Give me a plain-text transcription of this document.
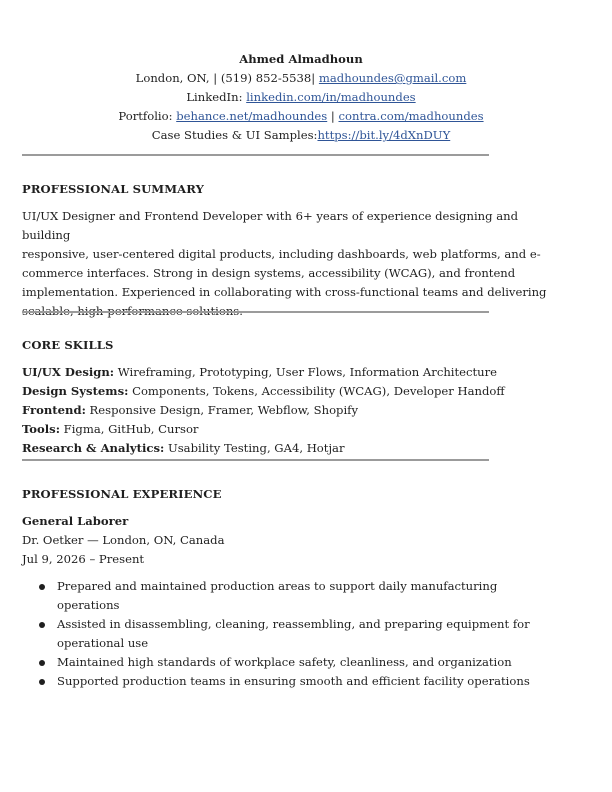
Ahmed Almadhoun
London, ON, | (519) 852-5538| madhoundes@gmail.com
LinkedIn: linkedin.com/in/madhoundes
Portfolio: behance.net/madhoundes | contra.com/madhoundes
Case Studies & UI Samples:https://bit.ly/4dXnDUY
PROFESSIONAL SUMMARY
UI/UX Designer and Frontend Developer with 6+ years of experience designing and building
responsive, user-centered digital products, including dashboards, web platforms, and e-
commerce interfaces. Strong in design systems, accessibility (WCAG), and frontend
implementation. Experienced in collaborating with cross-functional teams and delivering
scalable, high-performance solutions.
CORE SKILLS
UI/UX Design: Wireframing, Prototyping, User Flows, Information Architecture
Design Systems: Components, Tokens, Accessibility (WCAG), Developer Handoff
Frontend: Responsive Design, Framer, Webflow, Shopify
Tools: Figma, GitHub, Cursor
Research & Analytics: Usability Testing, GA4, Hotjar
PROFESSIONAL EXPERIENCE
General Laborer
Dr. Oetker — London, ON, Canada
Jul 9, 2026 – Present
Prepared and maintained production areas to support daily manufacturing operations
Assisted in disassembling, cleaning, reassembling, and preparing equipment for
operational use
Maintained high standards of workplace safety, cleanliness, and organization
Supported production teams in ensuring smooth and efficient facility operations
